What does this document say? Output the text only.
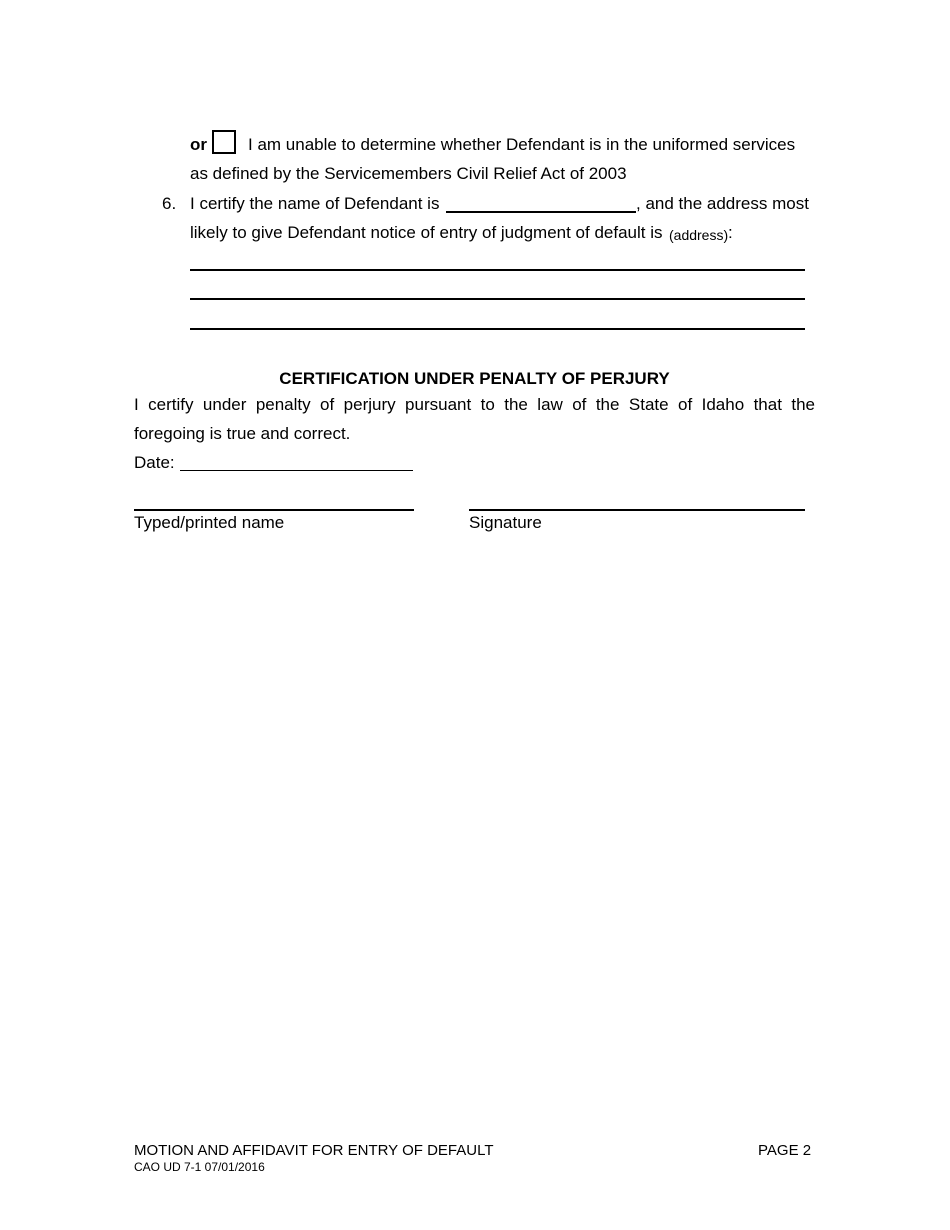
or I am unable to determine whether Defendant is in the uniformed services
as defined by the Servicemembers Civil Relief Act of 2003
6. I certify the name of Defendant is	, and the address most
likely to give Defendant notice of entry of judgment of default is (address) :
CERTIFICATION UNDER PENALTY OF PERJURY
I certify under penalty of perjury pursuant to the law of the State of Idaho that the
foregoing is true and correct.
Date:
Typed/printed name	Signature
MOTION AND AFFIDAVIT FOR ENTRY OF DEFAULT
CAO UD 7-1 07/01/2016
PAGE 2
